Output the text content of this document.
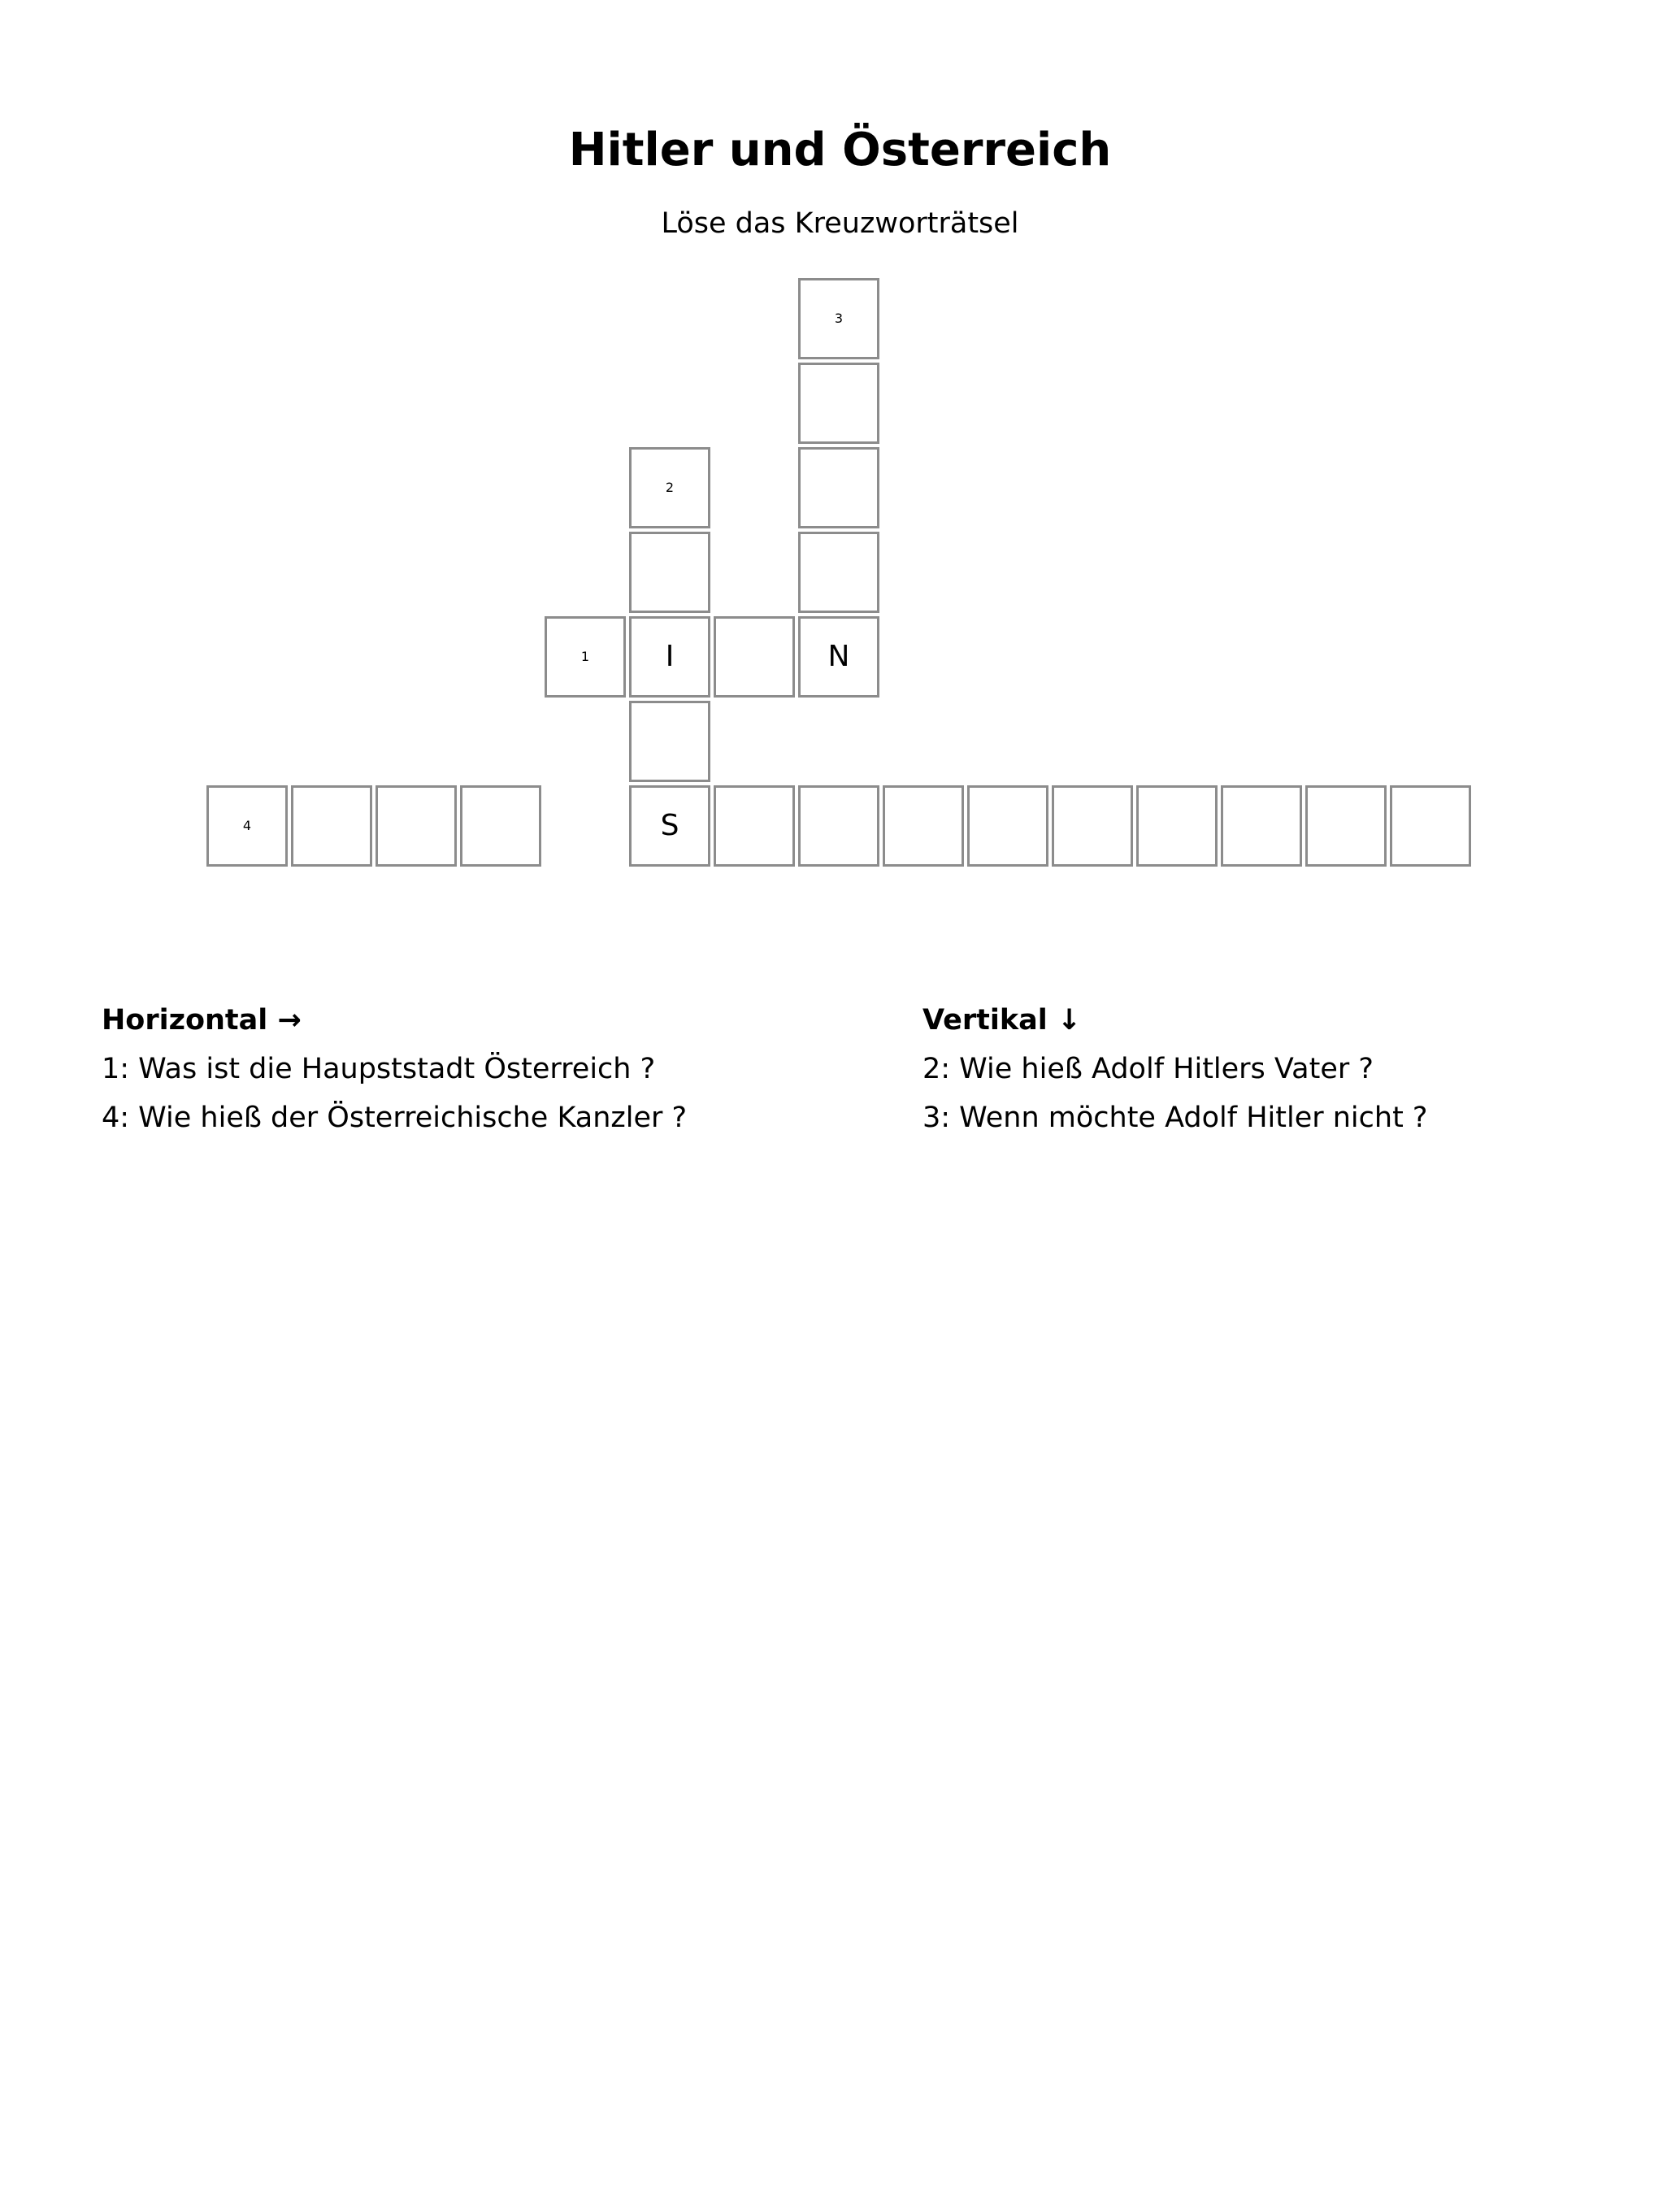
Hitler und Österreich
Löse das Kreuzworträtsel
3
2
1	I	N
4	S
Horizontal →
1: Was ist die Haupststadt Österreich ?
4: Wie hieß der Österreichische Kanzler ?
Vertikal ↓
2: Wie hieß Adolf Hitlers Vater ?
3: Wenn möchte Adolf Hitler nicht ?
